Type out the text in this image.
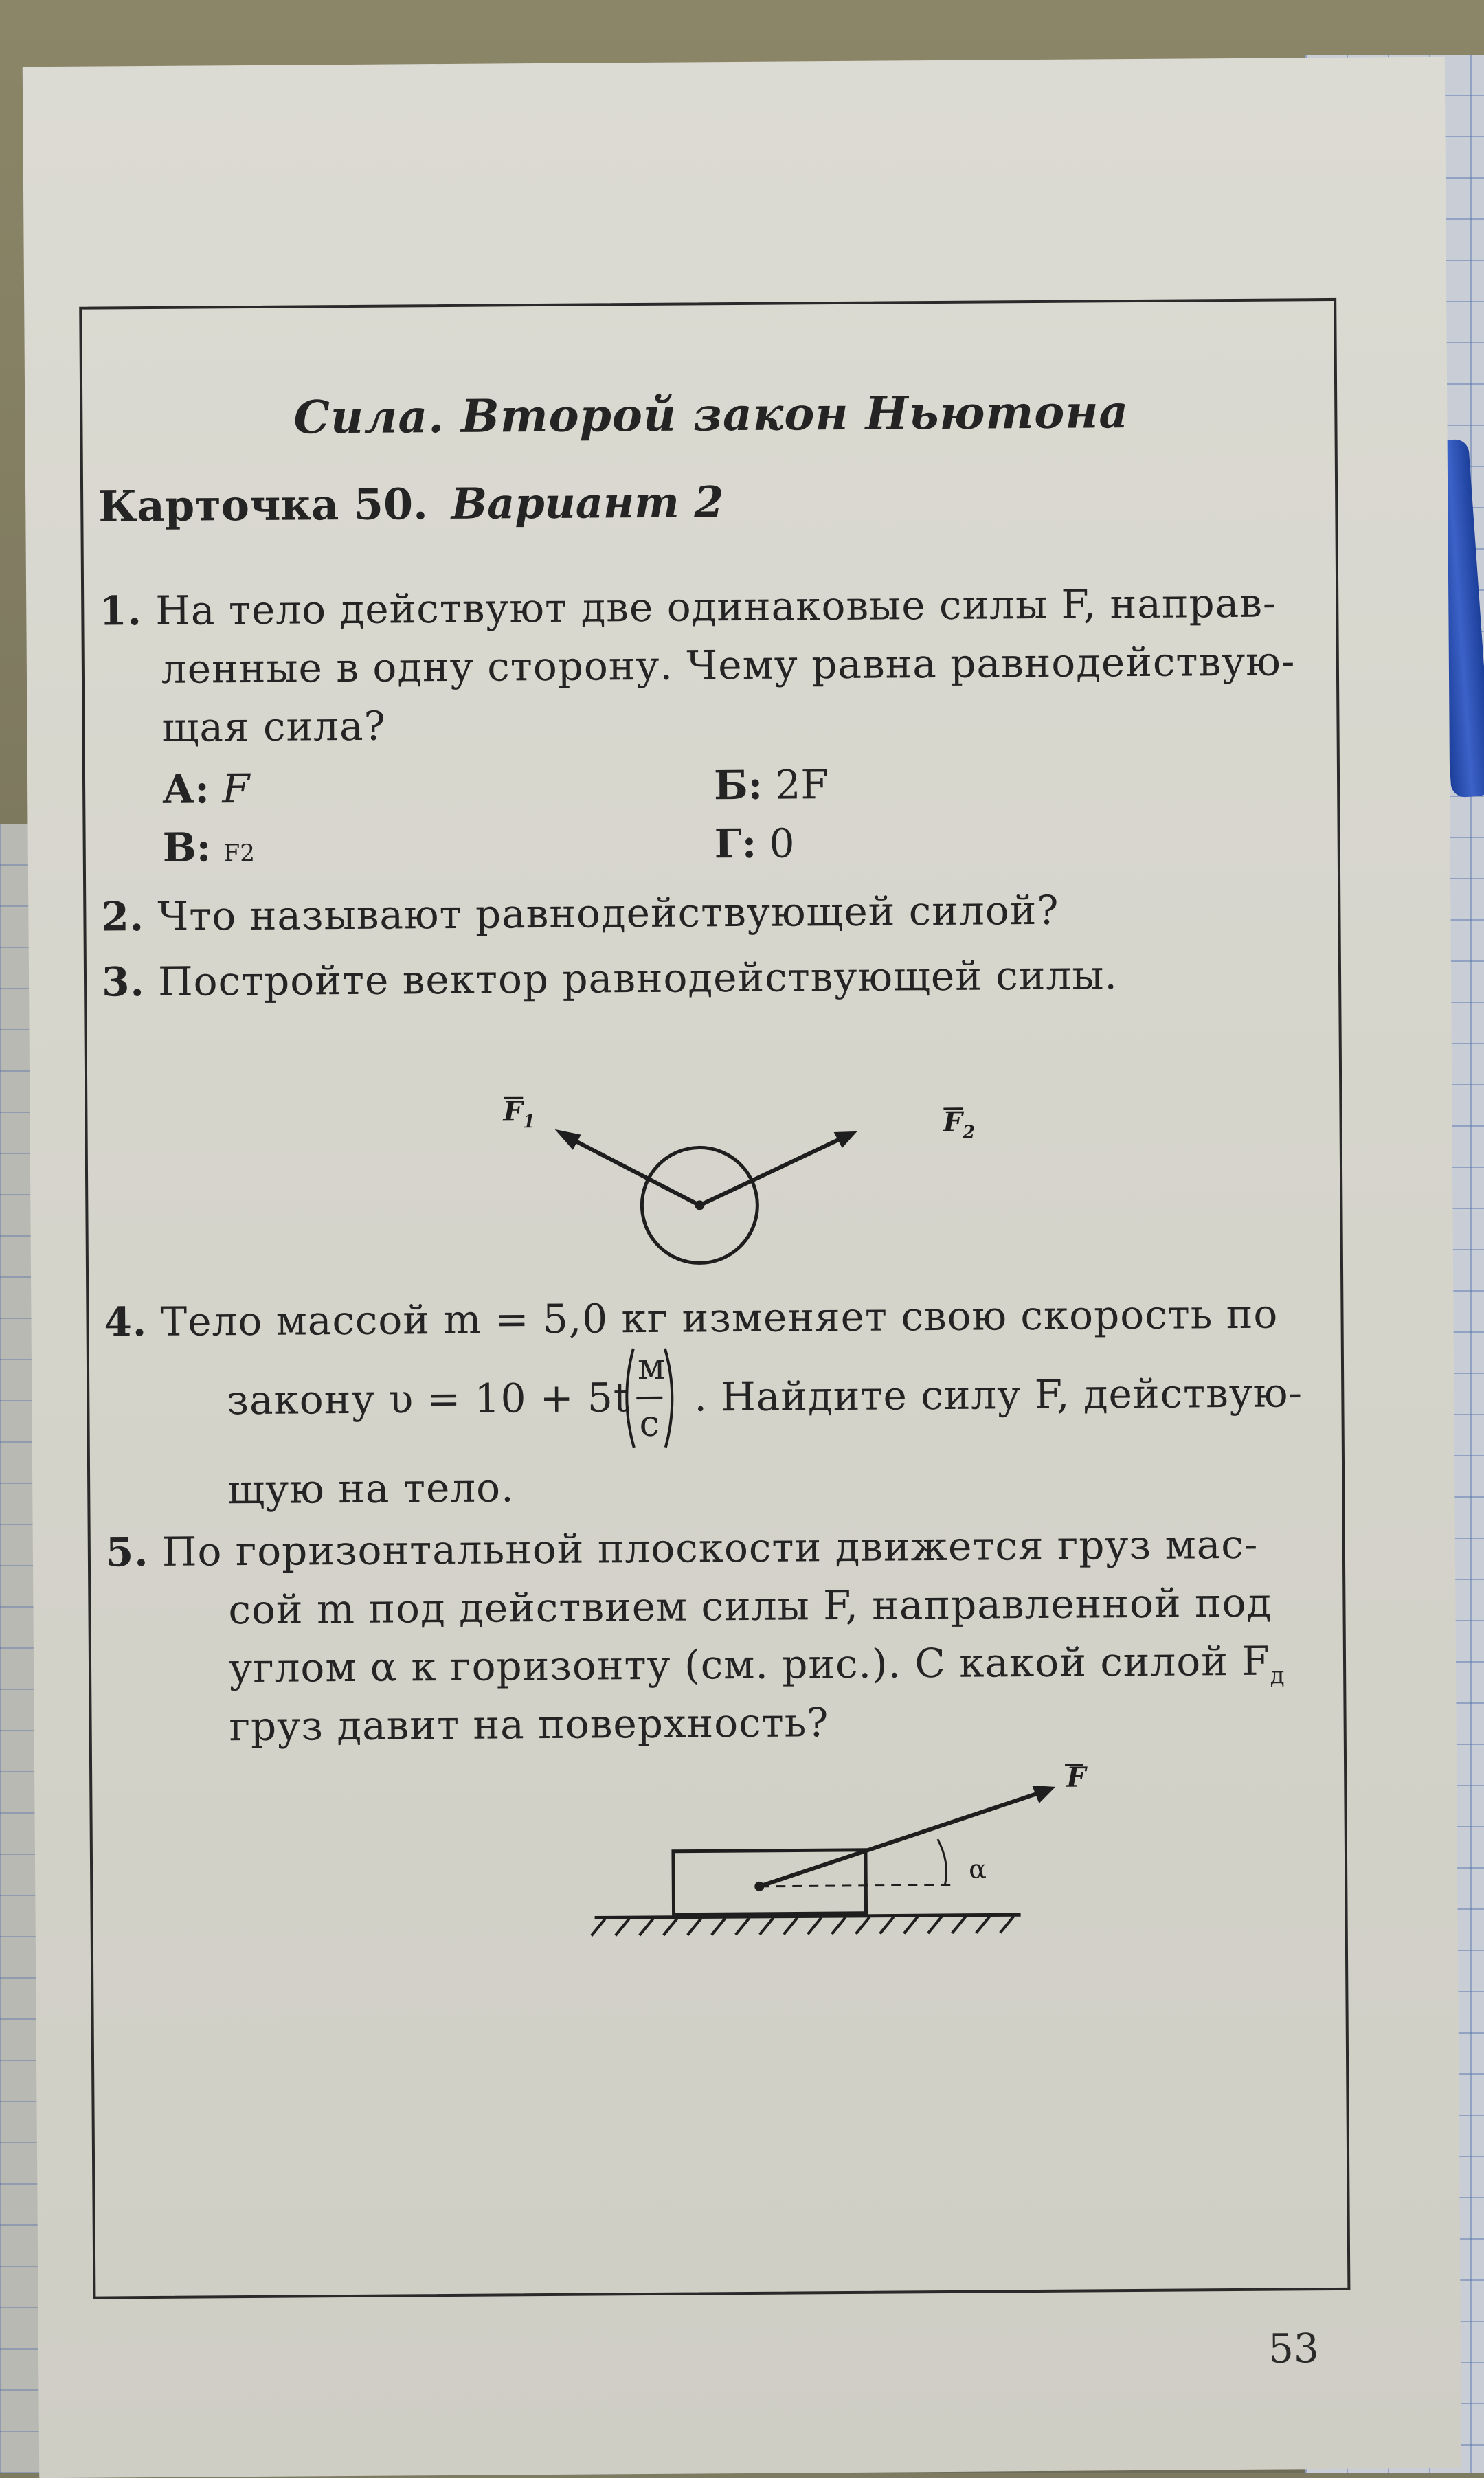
Сила. Второй закон Ньютона
Карточка 50. Вариант 2
1. На тело действуют две одинаковые силы F, направ-
ленные в одну сторону. Чему равна равнодействую-
щая сила?
А: F	Б: 2F
В: F2	Г: 0
2. Что называют равнодействующей силой?
3. Постройте вектор равнодействующей силы.
$F_1$	$F_2$
4. Тело массой m = 5,0 кг изменяет свою скорость по
закону υ = 10 + 5t
м
с
. Найдите силу F, действую-
щую на тело.
5. По горизонтальной плоскости движется груз мас-
сой m под действием силы F, направленной под
углом α к горизонту (см. рис.). С какой силой $F_д$
груз давит на поверхность?
α
F
53
